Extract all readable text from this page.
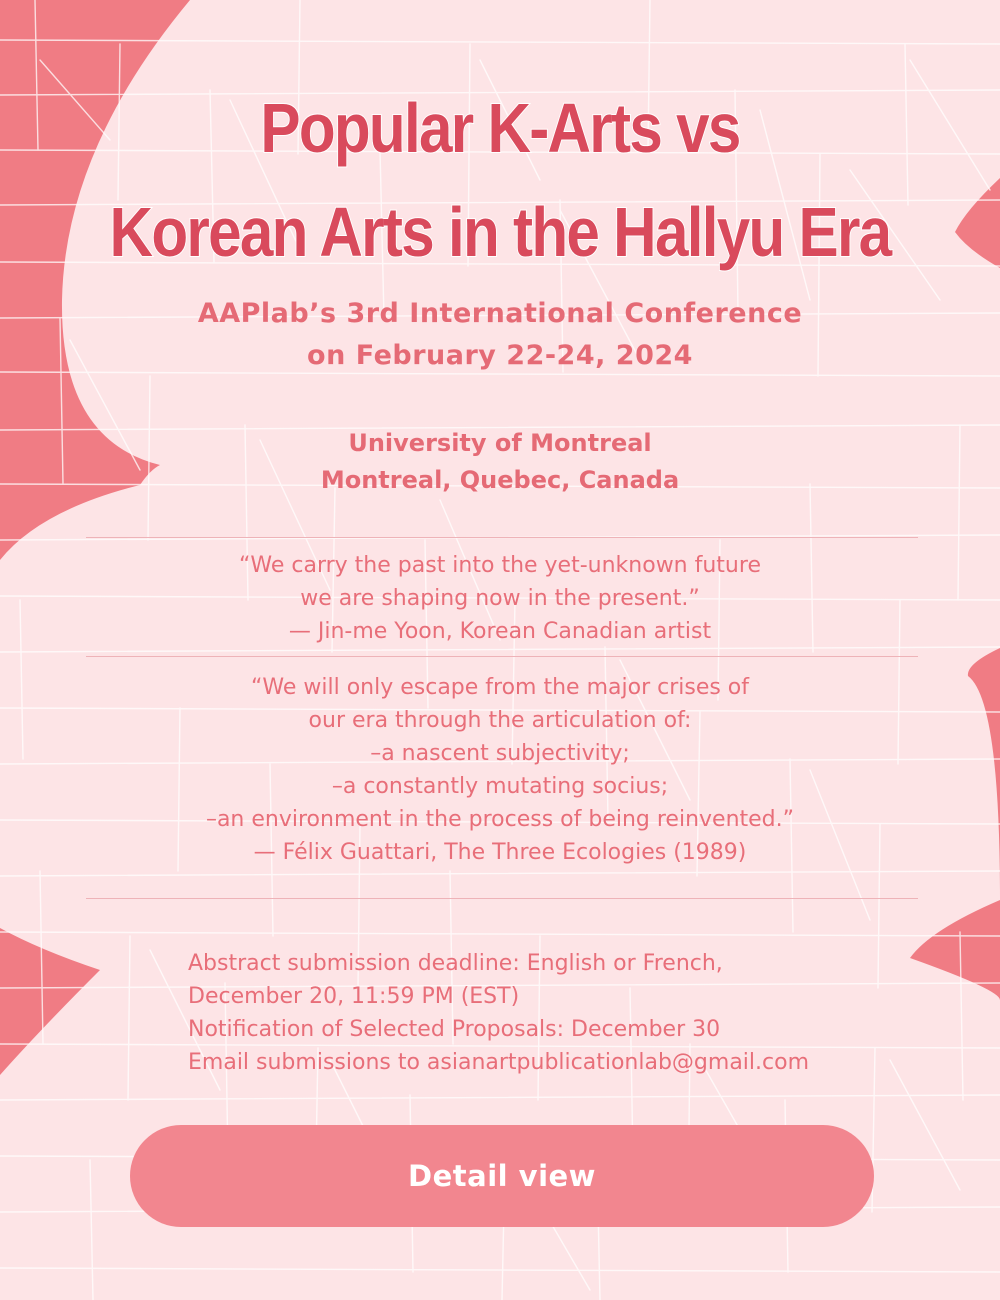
Popular K-Arts vs
Korean Arts in the Hallyu Era
AAPlab’s 3rd International Conference
on February 22-24, 2024
University of Montreal
Montreal, Quebec, Canada
“We carry the past into the yet-unknown future
we are shaping now in the present.”
— Jin-me Yoon, Korean Canadian artist
“We will only escape from the major crises of
our era through the articulation of:
–a nascent subjectivity;
–a constantly mutating socius;
–an environment in the process of being reinvented.”
— Félix Guattari, The Three Ecologies (1989)
Abstract submission deadline: English or French,
December 20, 11:59 PM (EST)
Notification of Selected Proposals: December 30
Email submissions to asianartpublicationlab@gmail.com
Detail view
